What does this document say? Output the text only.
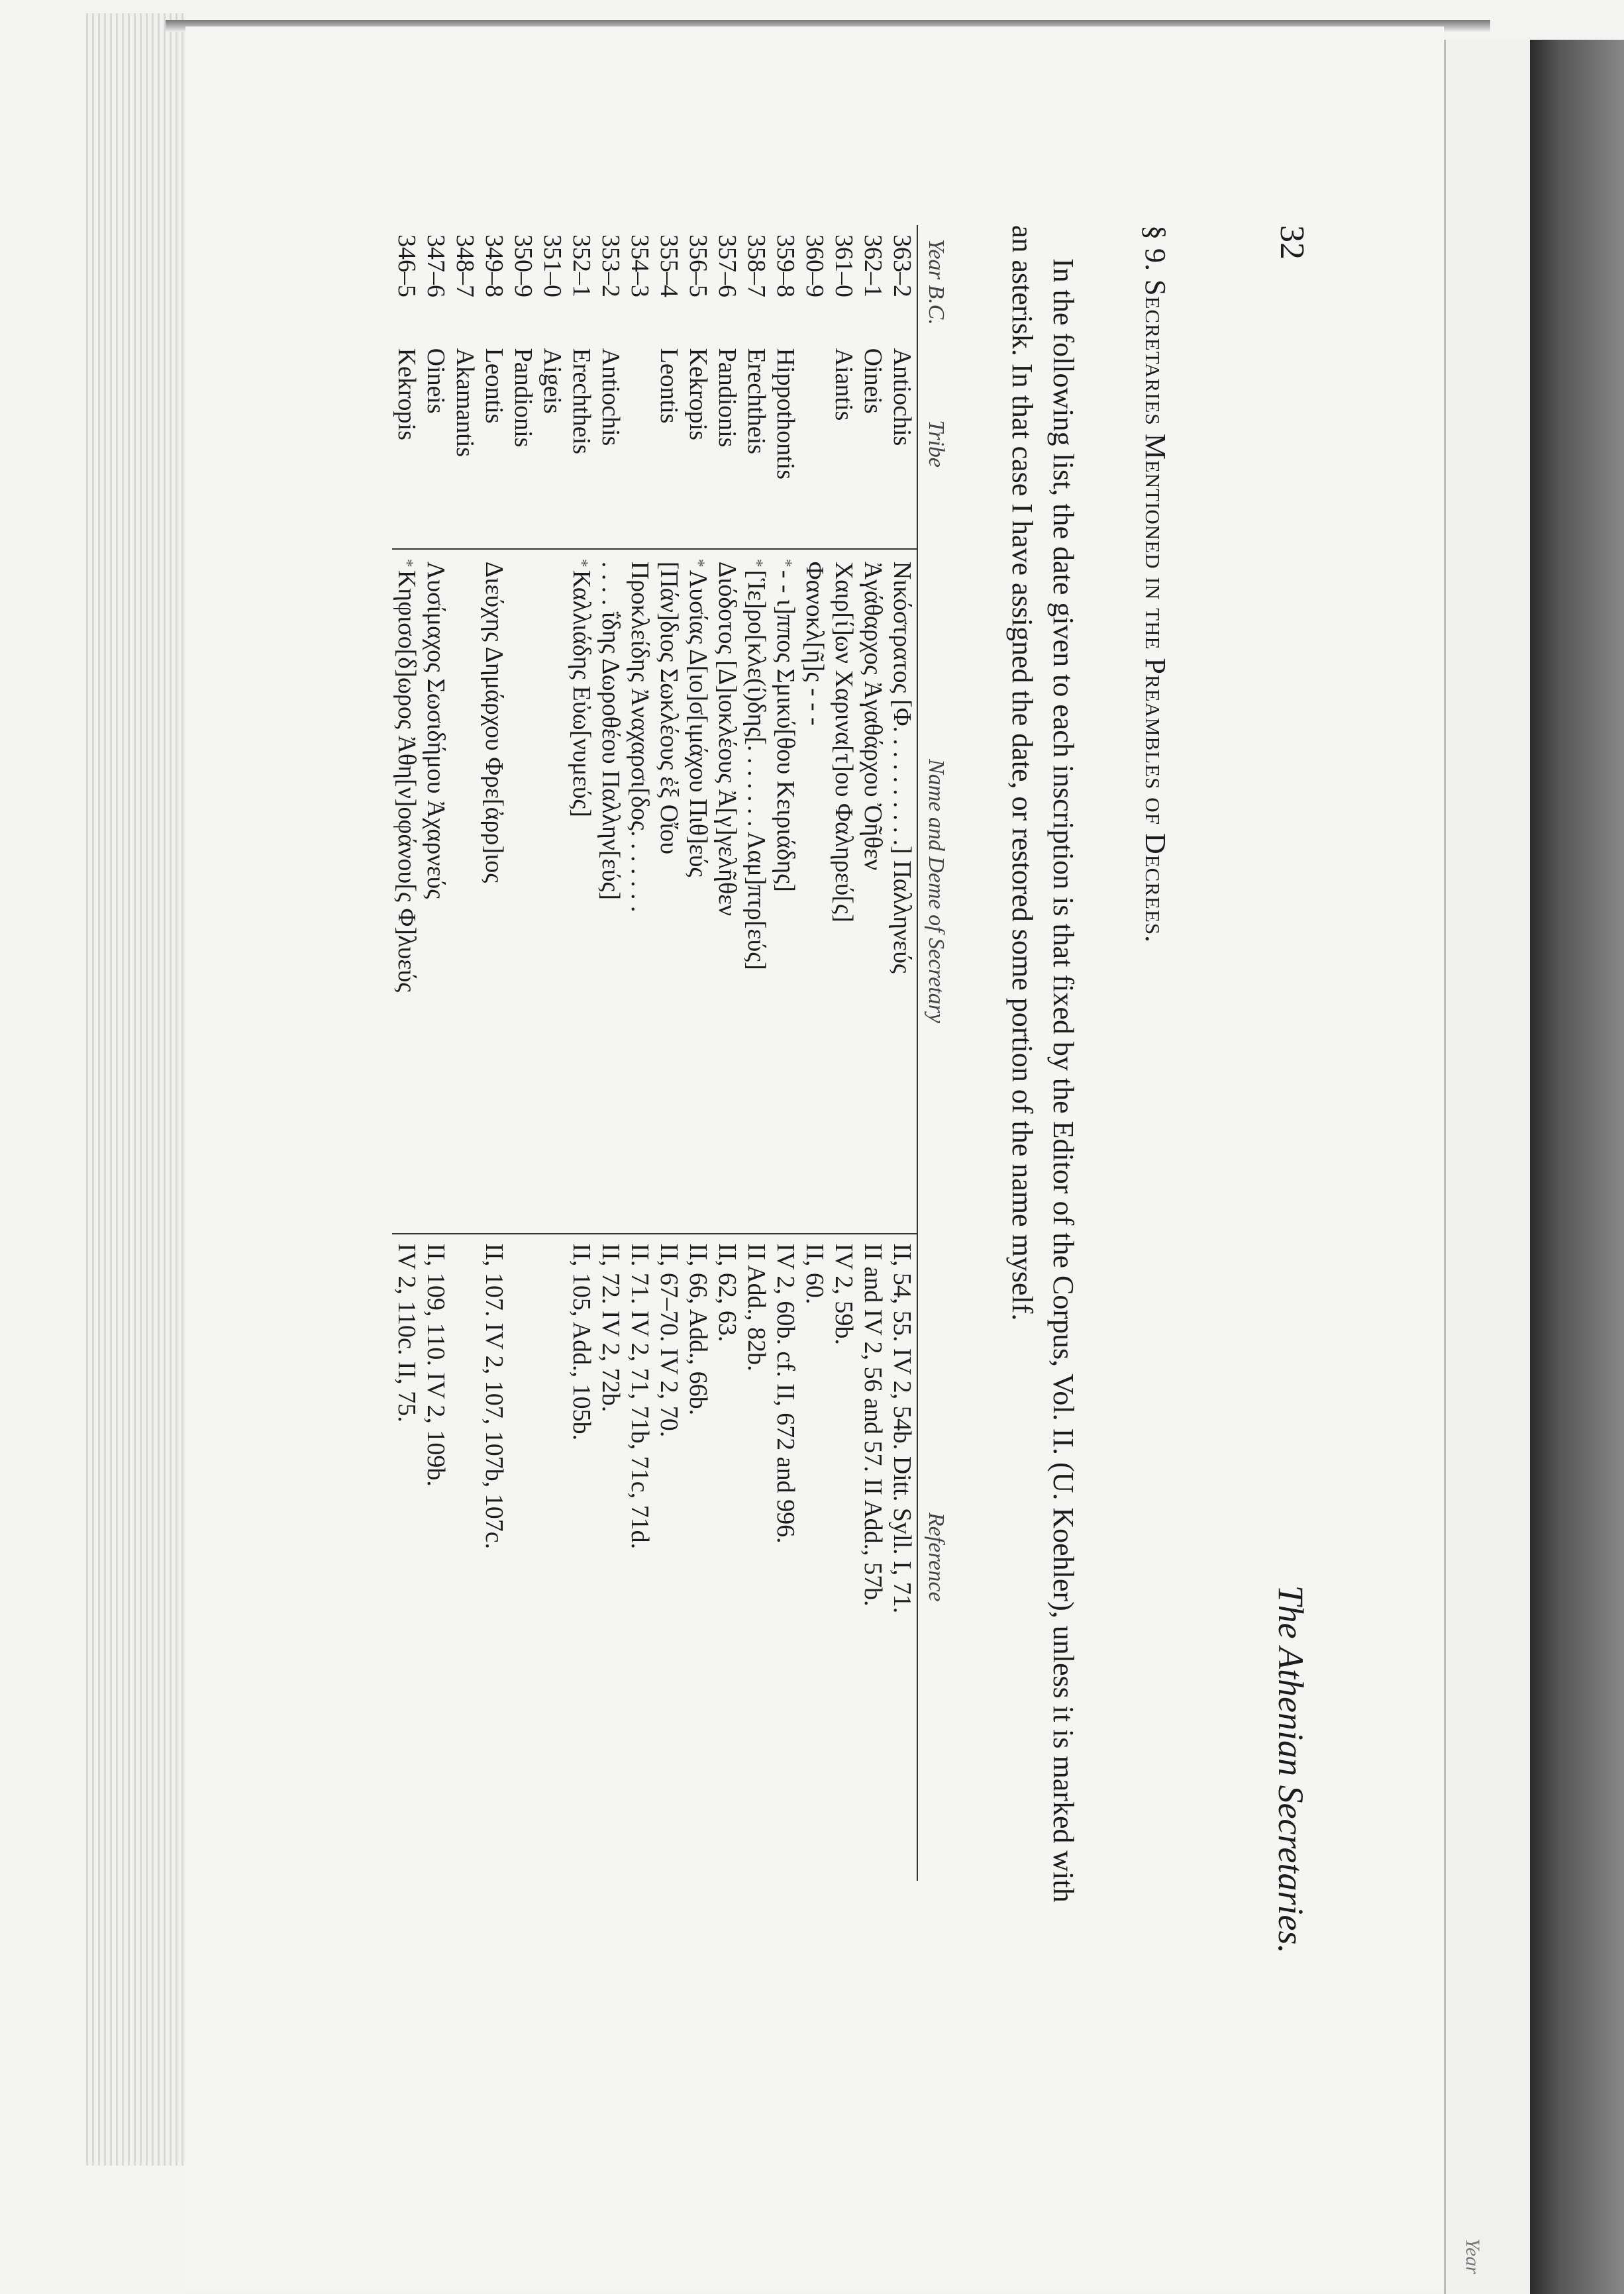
Year
32
The Athenian Secretaries.
§ 9. Secretaries Mentioned in the Preambles of Decrees.

In the following list, the date given to each inscription is that fixed by the Editor of the Corpus, Vol. II. (U. Koehler), unless it is marked with an asterisk. In that case I have assigned the date, or restored some portion of the name myself.

Year B.C.	Tribe	Name and Deme of Secretary	Reference
363–2	Antiochis	Νικόστρατος [Φ. . . . . . . . . .] Παλληνεύς	II, 54, 55. IV 2, 54b. Ditt. Syll. I, 71.
362–1	Oineis	Ἀγάθαρχος Ἀγαθάρχου Ὀῆθεν	II and IV 2, 56 and 57. II Add., 57b.
361–0	Aiantis	Χαιρ[ί]ων Χαρινα[τ]ου Φαληρεύ[ς]	IV 2, 59b.
360–9		Φανοκλ[ῆ]ς - - -	II, 60.
359–8	Hippothontis	*- - ι]ππος Σμικύ[θου Κειριάδης]	IV 2, 60b. cf. II, 672 and 996.
358–7	Erechtheis	*[Ἱε]ρο[κλε(ί)δης[. . . . . . . Λαμ]πτρ[εύς]	II Add., 82b.
357–6	Pandionis	Διόδοτος [Δ]ιοκλέους Ἀ[γ]γελῆθεν	II, 62, 63.
356–5	Kekropis	*Λυσίας Δ[ιο]σ[ιμάχου Πιθ]εύς	II, 66, Add., 66b.
355–4	Leontis	[Πάν]διος Σωκλέους ἐξ Οἴου	II, 67–70. IV 2, 70.
354–3		Προκλείδης Ἀναχαρσι[δος. . . . . . .	II. 71. IV 2, 71, 71b, 71c, 71d.
353–2	Antiochis	. . . . ΐδης Δωροθέου Παλλην[εύς]	II, 72. IV 2, 72b.
352–1	Erechtheis	*Καλλιάδης Εὐω[νυμεύς]	II, 105, Add., 105b.
351–0	Aigeis		
350–9	Pandionis		
349–8	Leontis	Διεύχης Δημάρχου Φρε[ἀρρ]ιος	II, 107. IV 2, 107, 107b, 107c.
348–7	Akamantis		
347–6	Oineis	Λυσίμαχος Σωσιδήμου Ἀχαρνεύς	II, 109, 110. IV 2, 109b.
346–5	Kekropis	*Κηφισο[δ]ωρος Ἀθη[ν]οφάνου[ς Φ]λυεύς	IV 2, 110c. II, 75.
